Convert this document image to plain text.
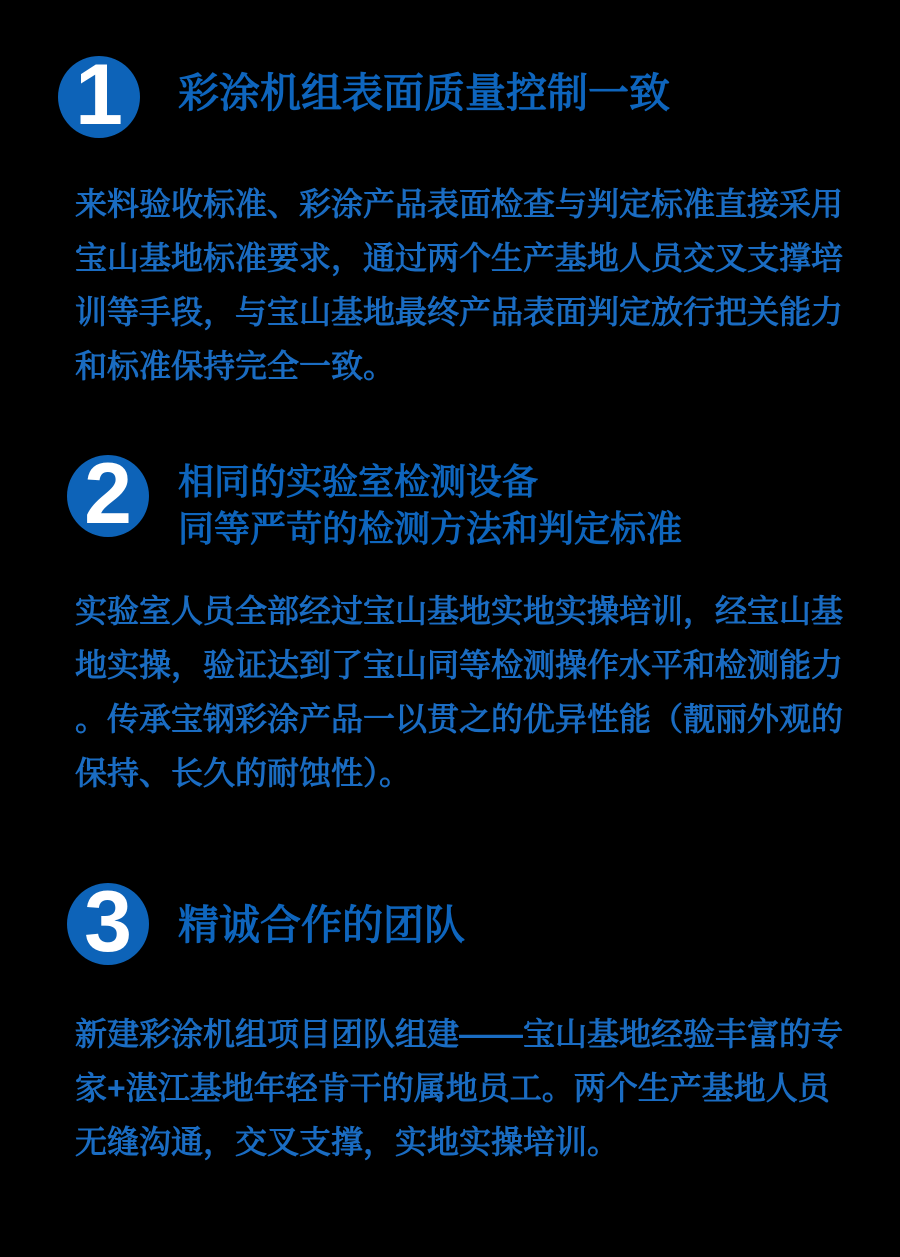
1 彩涂机组表面质量控制一致
来料验收标准、彩涂产品表面检查与判定标准直接采用
宝山基地标准要求，通过两个生产基地人员交叉支撑培
训等手段，与宝山基地最终产品表面判定放行把关能力
和标准保持完全一致。
2 相同的实验室检测设备
同等严苛的检测方法和判定标准
实验室人员全部经过宝山基地实地实操培训，经宝山基
地实操，验证达到了宝山同等检测操作水平和检测能力
。传承宝钢彩涂产品一以贯之的优异性能（靓丽外观的
保持、长久的耐蚀性）。
3 精诚合作的团队
新建彩涂机组项目团队组建——宝山基地经验丰富的专
家+湛江基地年轻肯干的属地员工。两个生产基地人员
无缝沟通，交叉支撑，实地实操培训。
